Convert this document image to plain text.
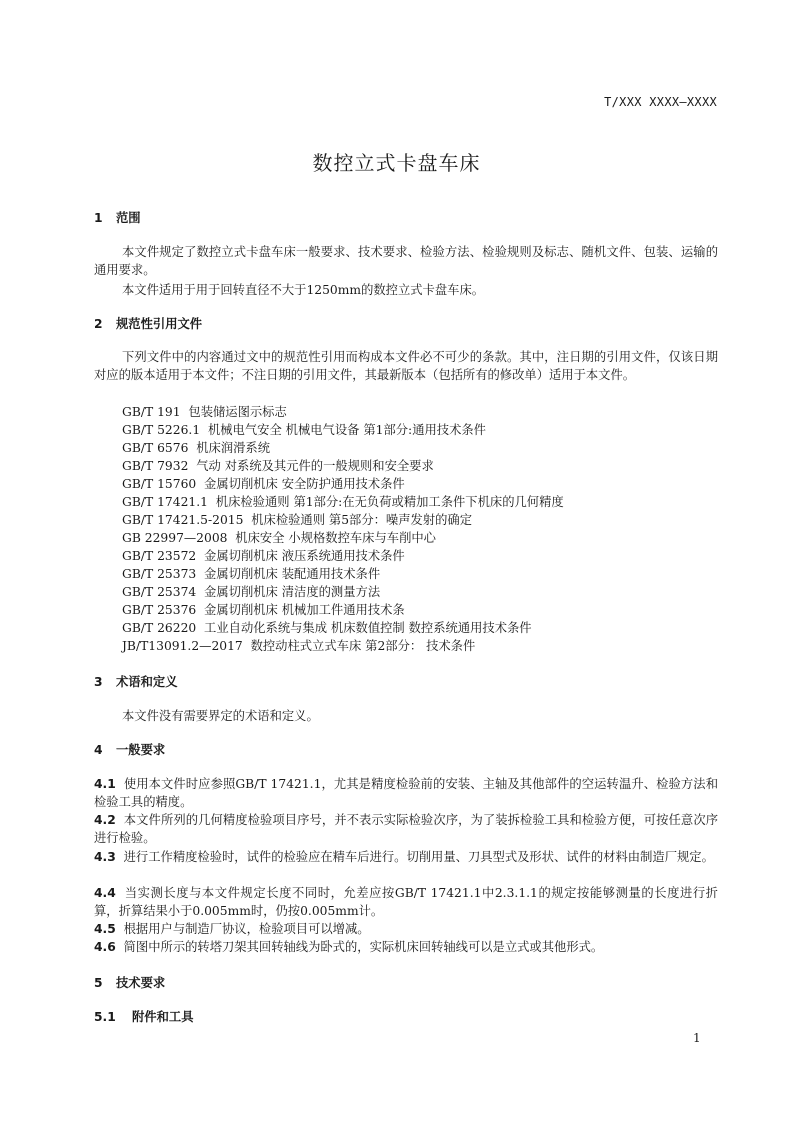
T/XXX XXXX—XXXX
数控立式卡盘车床
1 范围
本文件规定了数控立式卡盘车床一般要求、技术要求、检验方法、检验规则及标志、随机文件、包装、运输的通用要求。
本文件适用于用于回转直径不大于1250mm的数控立式卡盘车床。
2 规范性引用文件
下列文件中的内容通过文中的规范性引用而构成本文件必不可少的条款。其中，注日期的引用文件，仅该日期对应的版本适用于本文件；不注日期的引用文件，其最新版本（包括所有的修改单）适用于本文件。
GB/T 191  包装储运图示标志
GB/T 5226.1  机械电气安全 机械电气设备 第1部分:通用技术条件
GB/T 6576  机床润滑系统
GB/T 7932  气动 对系统及其元件的一般规则和安全要求
GB/T 15760  金属切削机床 安全防护通用技术条件
GB/T 17421.1  机床检验通则 第1部分:在无负荷或精加工条件下机床的几何精度
GB/T 17421.5-2015  机床检验通则 第5部分：噪声发射的确定
GB 22997—2008  机床安全 小规格数控车床与车削中心
GB/T 23572  金属切削机床 液压系统通用技术条件
GB/T 25373  金属切削机床 装配通用技术条件
GB/T 25374  金属切削机床 清洁度的测量方法
GB/T 25376  金属切削机床 机械加工件通用技术条
GB/T 26220  工业自动化系统与集成 机床数值控制 数控系统通用技术条件
JB/T13091.2—2017  数控动柱式立式车床 第2部分： 技术条件
3 术语和定义
本文件没有需要界定的术语和定义。
4 一般要求
4.1 使用本文件时应参照GB/T 17421.1，尤其是精度检验前的安装、主轴及其他部件的空运转温升、检验方法和检验工具的精度。
4.2 本文件所列的几何精度检验项目序号，并不表示实际检验次序，为了装拆检验工具和检验方便，可按任意次序进行检验。
4.3 进行工作精度检验时，试件的检验应在精车后进行。切削用量、刀具型式及形状、试件的材料由制造厂规定。
4.4 当实测长度与本文件规定长度不同时，允差应按GB/T 17421.1中2.3.1.1的规定按能够测量的长度进行折算，折算结果小于0.005mm时，仍按0.005mm计。
4.5 根据用户与制造厂协议，检验项目可以增减。
4.6 简图中所示的转塔刀架其回转轴线为卧式的，实际机床回转轴线可以是立式或其他形式。
5 技术要求
5.1 附件和工具
1
